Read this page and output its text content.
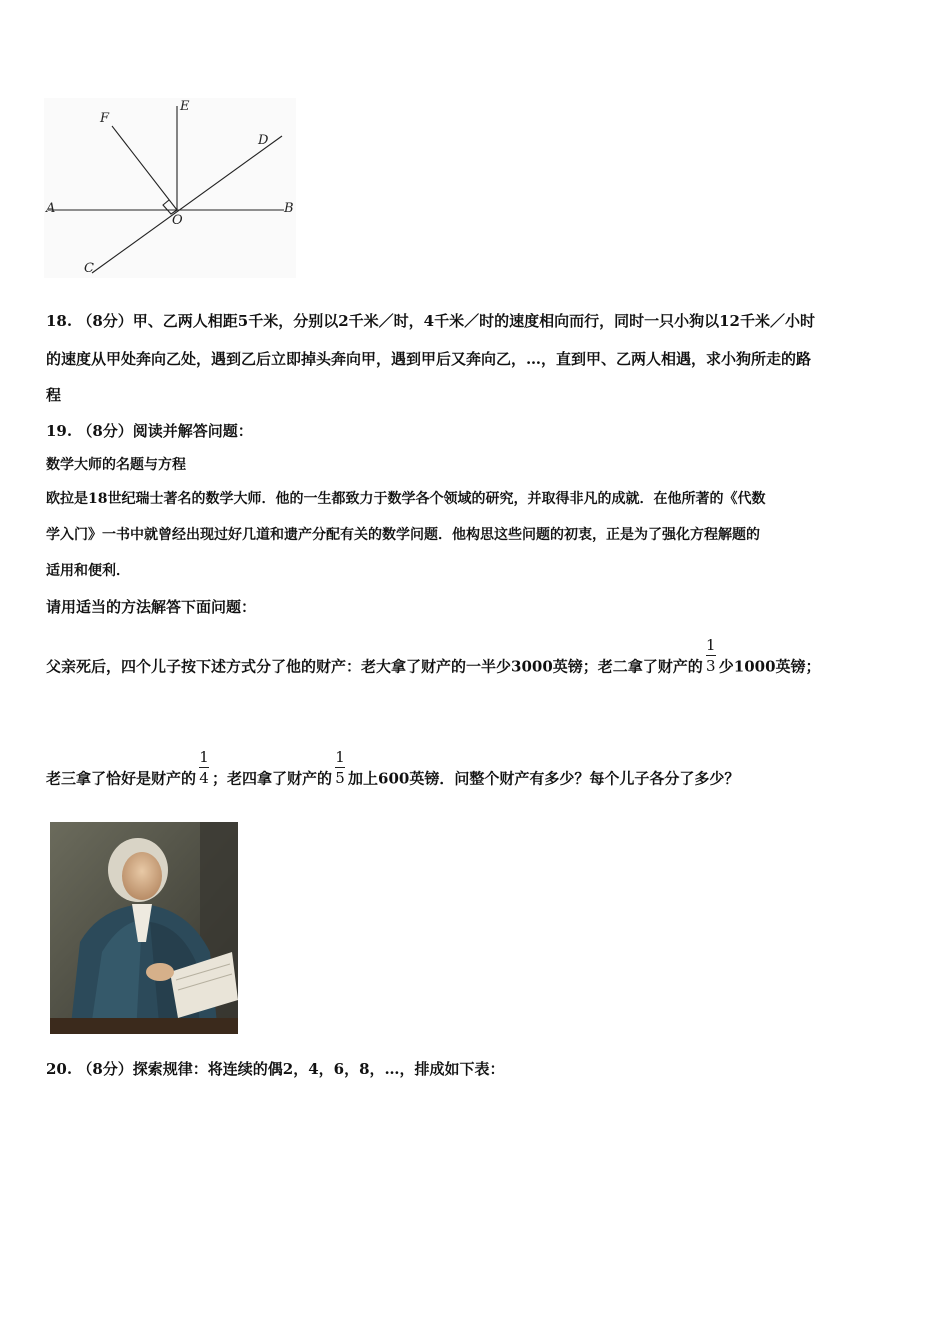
A	B
C
D
E
F
O
18. （8分）甲、乙两人相距5千米，分别以2千米／时，4千米／时的速度相向而行，同时一只小狗以12千米／小时
的速度从甲处奔向乙处，遇到乙后立即掉头奔向甲，遇到甲后又奔向乙，…，直到甲、乙两人相遇，求小狗所走的路
程
19. （8分）阅读并解答问题：
数学大师的名题与方程
欧拉是18世纪瑞士著名的数学大师．他的一生都致力于数学各个领域的研究，并取得非凡的成就．在他所著的《代数
学入门》一书中就曾经出现过好几道和遗产分配有关的数学问题．他构思这些问题的初衷，正是为了强化方程解题的
适用和便利．
请用适当的方法解答下面问题：
父亲死后，四个儿子按下述方式分了他的财产：老大拿了财产的一半少3000英镑；老二拿了财产的 $\frac{1}{3}$ 少1000英镑；
老三拿了恰好是财产的 $\frac{1}{4}$ ；老四拿了财产的 $\frac{1}{5}$ 加上600英镑．问整个财产有多少？每个儿子各分了多少？
20. （8分）探索规律：将连续的偶2，4，6，8，…，排成如下表：
